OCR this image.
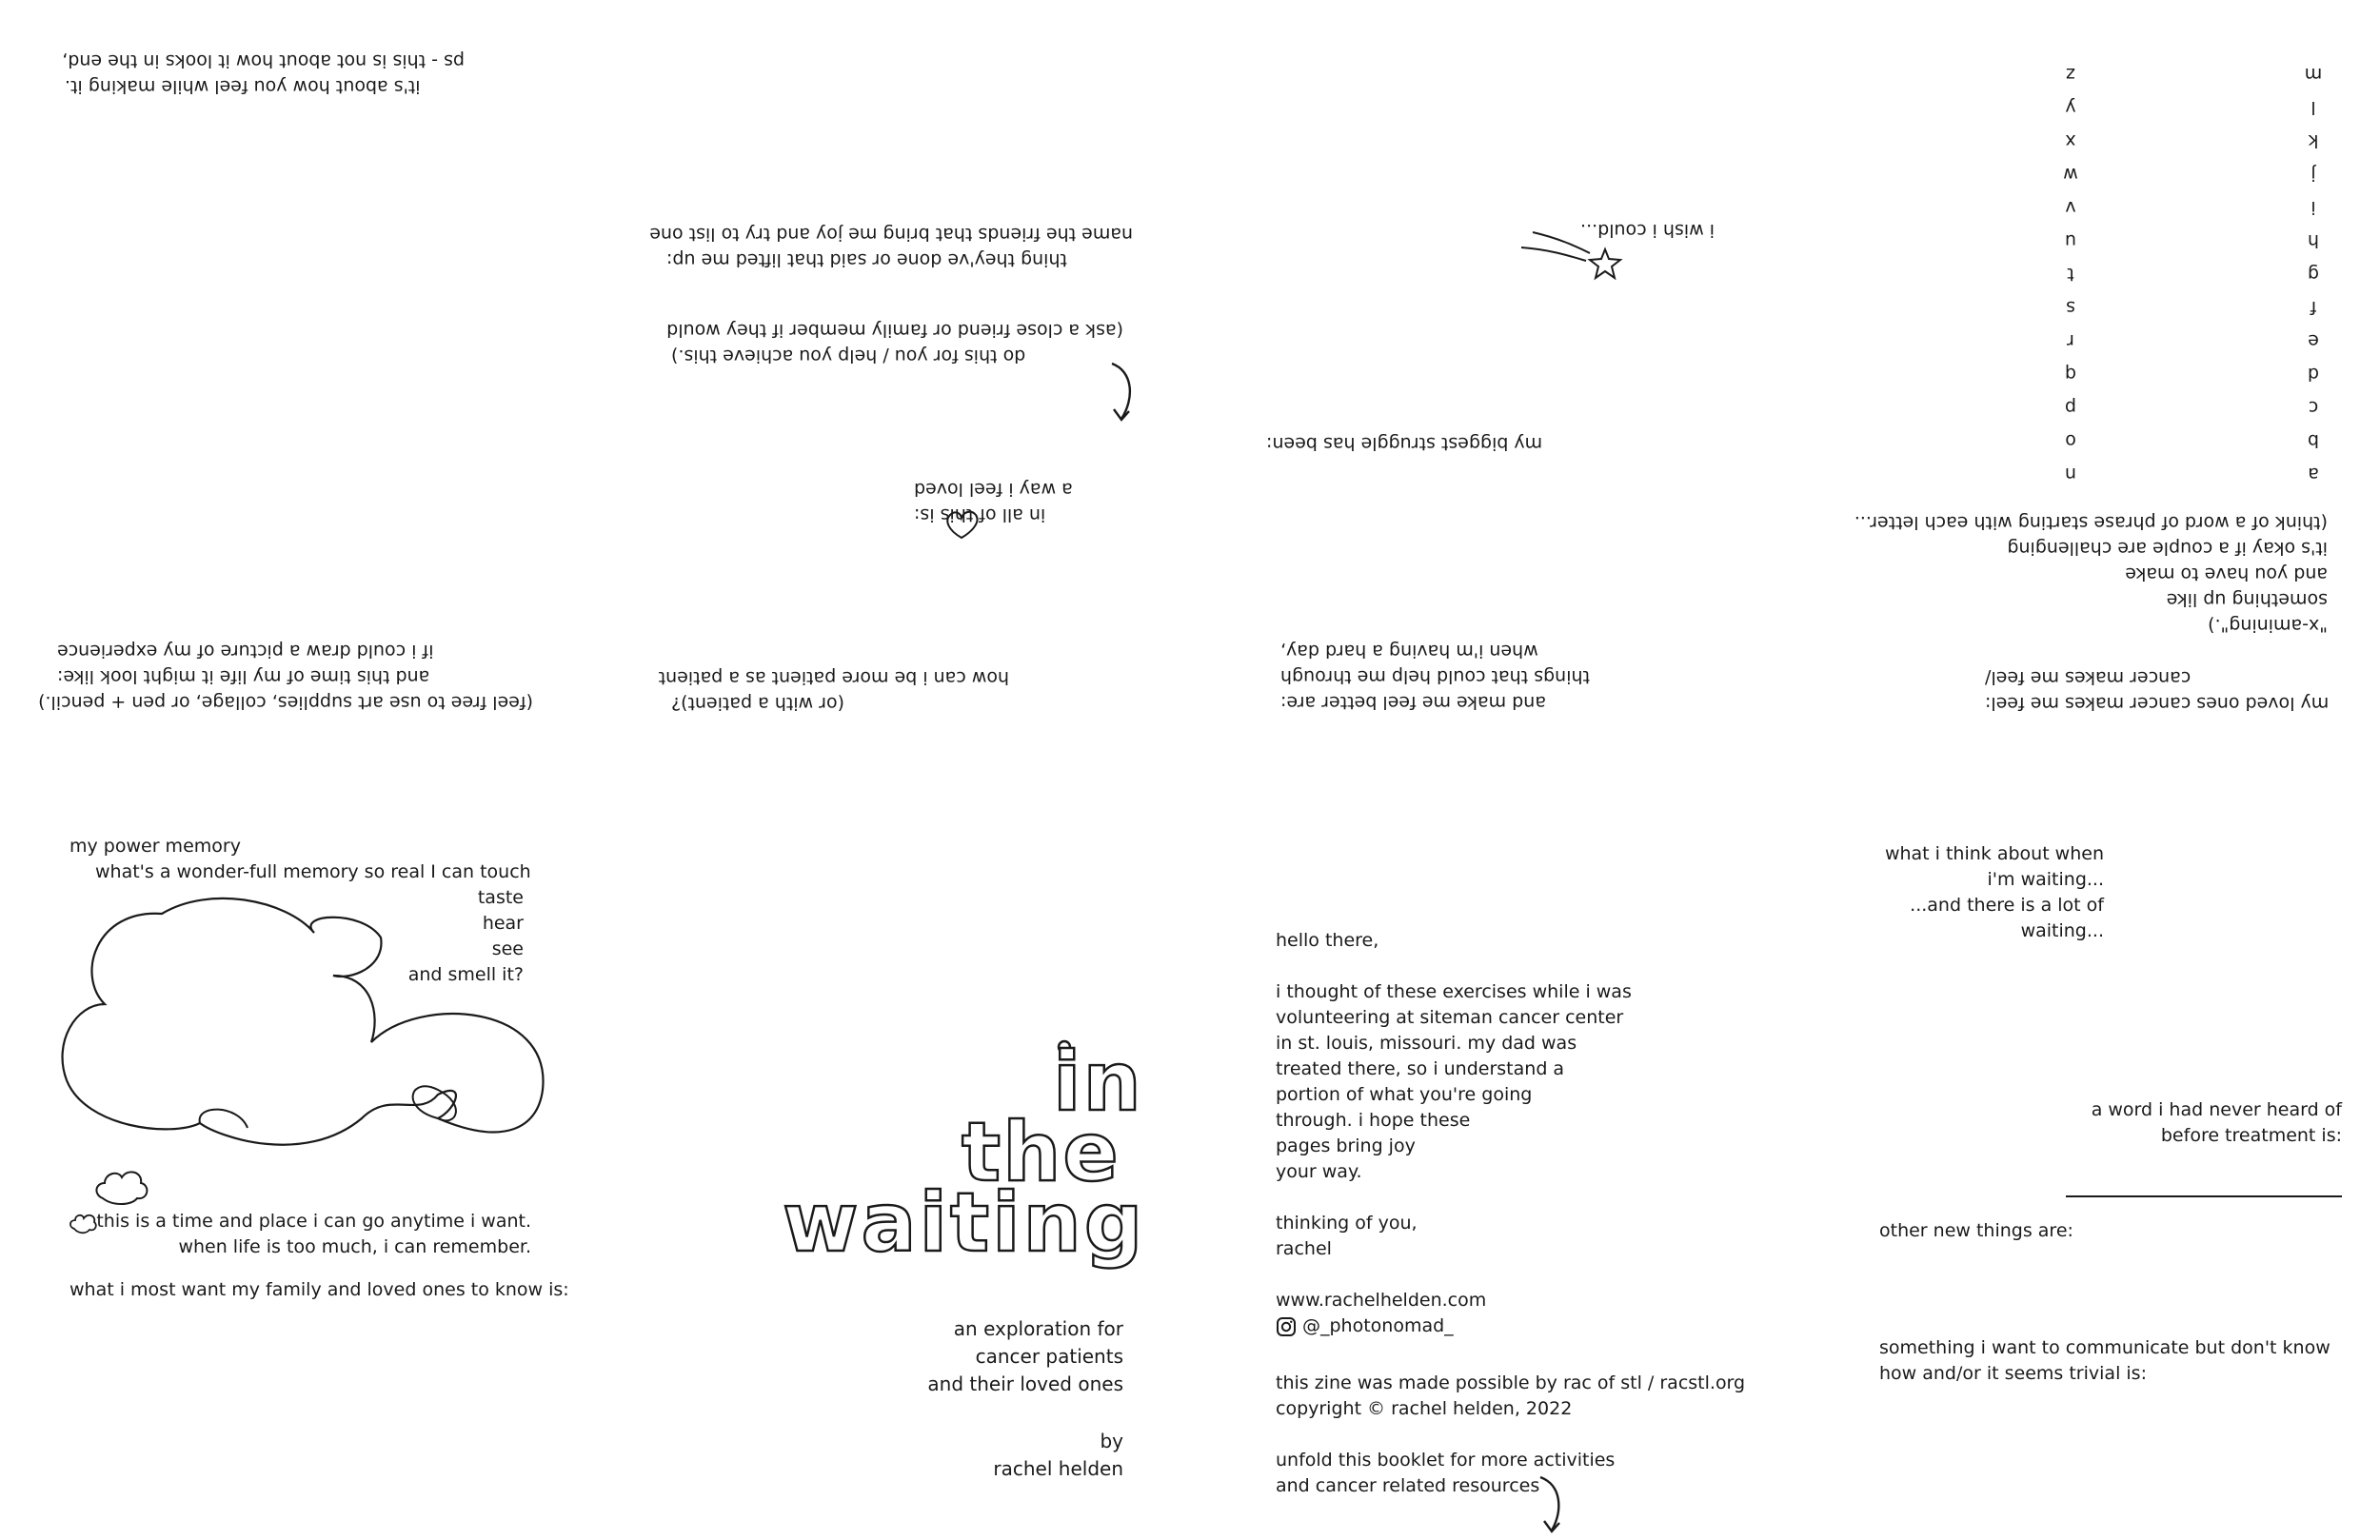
it's about how you feel while making it.
ps - this is not about how it looks in the end,
thing they've done or said that lifted me up:
name the friends that bring me joy and try to list one
do this for you / help you achieve this.)
(ask a close friend or family member if they would
in all of this is:
a way i feel loved
i wish i could...
my biggest struggle has been:
(feel free to use art supplies, collage, or pen + pencil.)
and this time of my life it might look like:
if i could draw a picture of my experience
(or with a patient)?
how can i be more patient as a patient
and make me feel better are:
things that could help me through
when i'm having a hard day,
"x-amining".)
something up like
and you have to make
it's okay if a couple are challenging
(think of a word of phrase starting with each letter...
my loved ones cancer makes me feel:
cancer makes me feel/
a
b
c
d
e
f
g
h
i
j
k
l
m
n
o
p
q
r
s
t
u
v
w
x
y
z
my power memory
what's a wonder-full memory so real I can touch
taste
hear
see
and smell it?
this is a time and place i can go anytime i want.
when life is too much, i can remember.
what i most want my family and loved ones to know is:
in
the
waiting
an exploration for
cancer patients
and their loved ones
by
rachel helden
hello there,
i thought of these exercises while i was
volunteering at siteman cancer center
in st. louis, missouri. my dad was
treated there, so i understand a
portion of what you're going
through. i hope these
pages bring joy
your way.
thinking of you,
rachel
www.rachelhelden.com
@_photonomad_
this zine was made possible by rac of stl / racstl.org
copyright © rachel helden, 2022
unfold this booklet for more activities
and cancer related resources
what i think about when
i'm waiting...
...and there is a lot of
waiting...
a word i had never heard of
before treatment is:
other new things are:
something i want to communicate but don't know
how and/or it seems trivial is:
